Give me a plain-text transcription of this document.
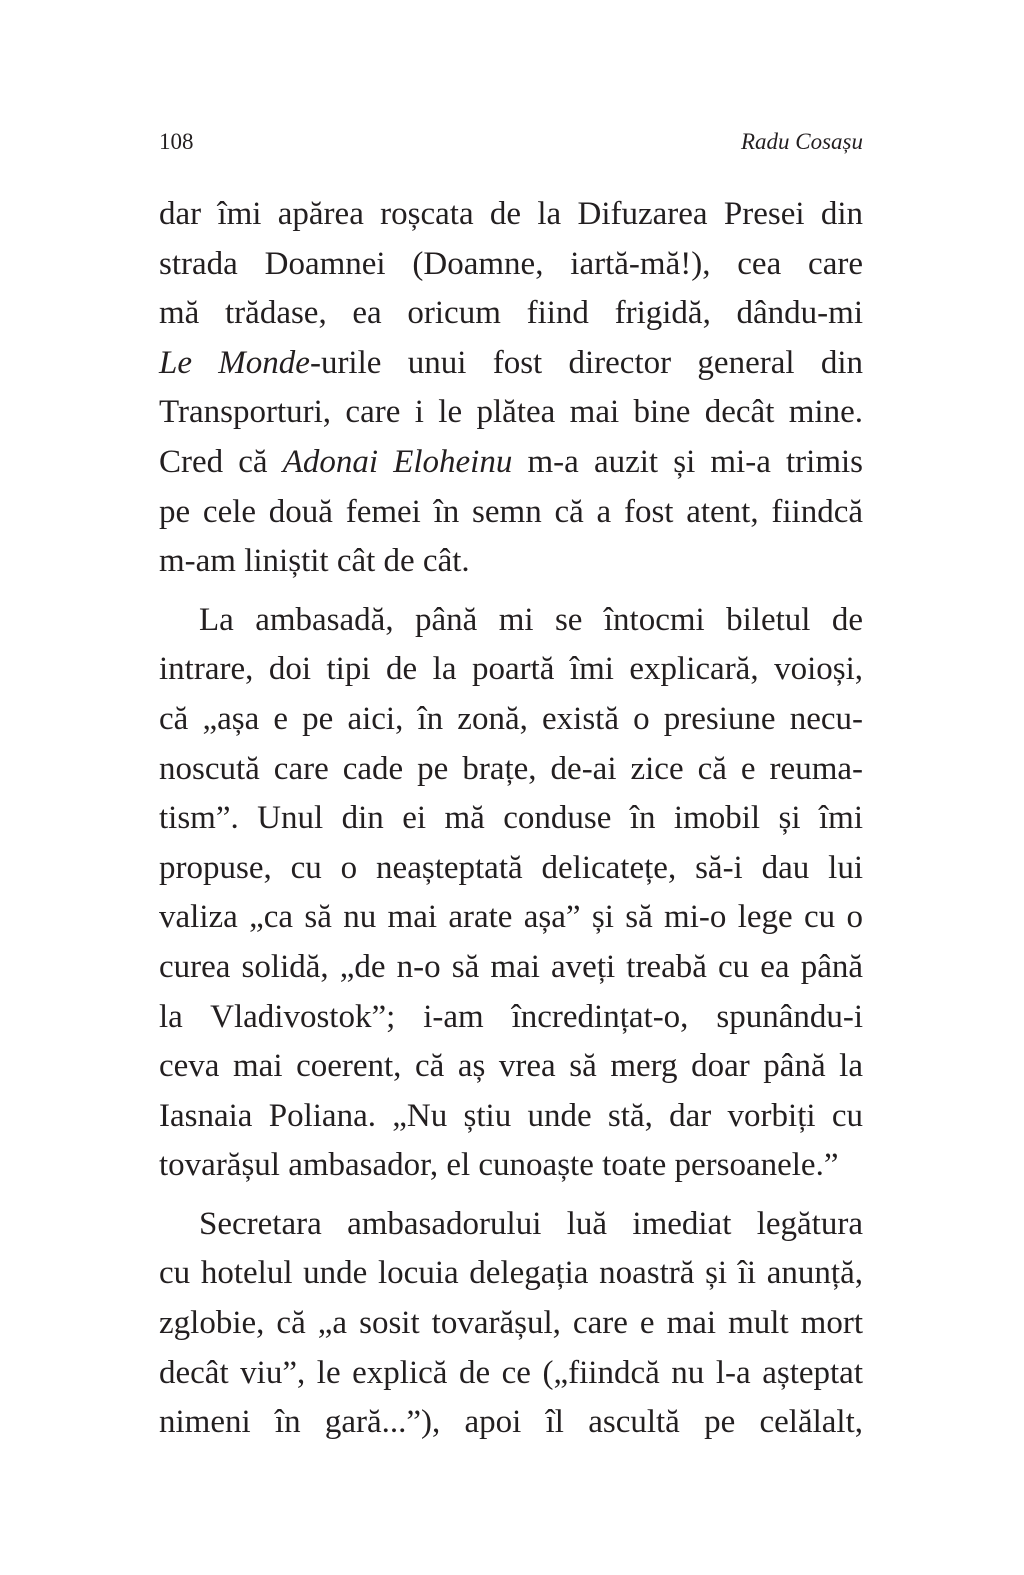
108	Radu Cosașu

dar îmi apărea roșcata de la Difuzarea Presei din
strada Doamnei (Doamne, iartă-mă!), cea care
mă trădase, ea oricum fiind frigidă, dându-mi
Le Monde-urile unui fost director general din
Transporturi, care i le plătea mai bine decât mine.
Cred că Adonai Eloheinu m-a auzit și mi-a trimis
pe cele două femei în semn că a fost atent, fiindcă
m-am liniștit cât de cât.

La ambasadă, până mi se întocmi biletul de
intrare, doi tipi de la poartă îmi explicară, voioși,
că „așa e pe aici, în zonă, există o presiune necu-
noscută care cade pe brațe, de-ai zice că e reuma-
tism”. Unul din ei mă conduse în imobil și îmi
propuse, cu o neașteptată delicatețe, să-i dau lui
valiza „ca să nu mai arate așa” și să mi-o lege cu o
curea solidă, „de n-o să mai aveți treabă cu ea până
la Vladivostok”; i-am încredințat-o, spunându-i
ceva mai coerent, că aș vrea să merg doar până la
Iasnaia Poliana. „Nu știu unde stă, dar vorbiți cu
tovarășul ambasador, el cunoaște toate persoanele.”

Secretara ambasadorului luă imediat legătura
cu hotelul unde locuia delegația noastră și îi anunță,
zglobie, că „a sosit tovarășul, care e mai mult mort
decât viu”, le explică de ce („fiindcă nu l-a așteptat
nimeni în gară...”), apoi îl ascultă pe celălalt,
